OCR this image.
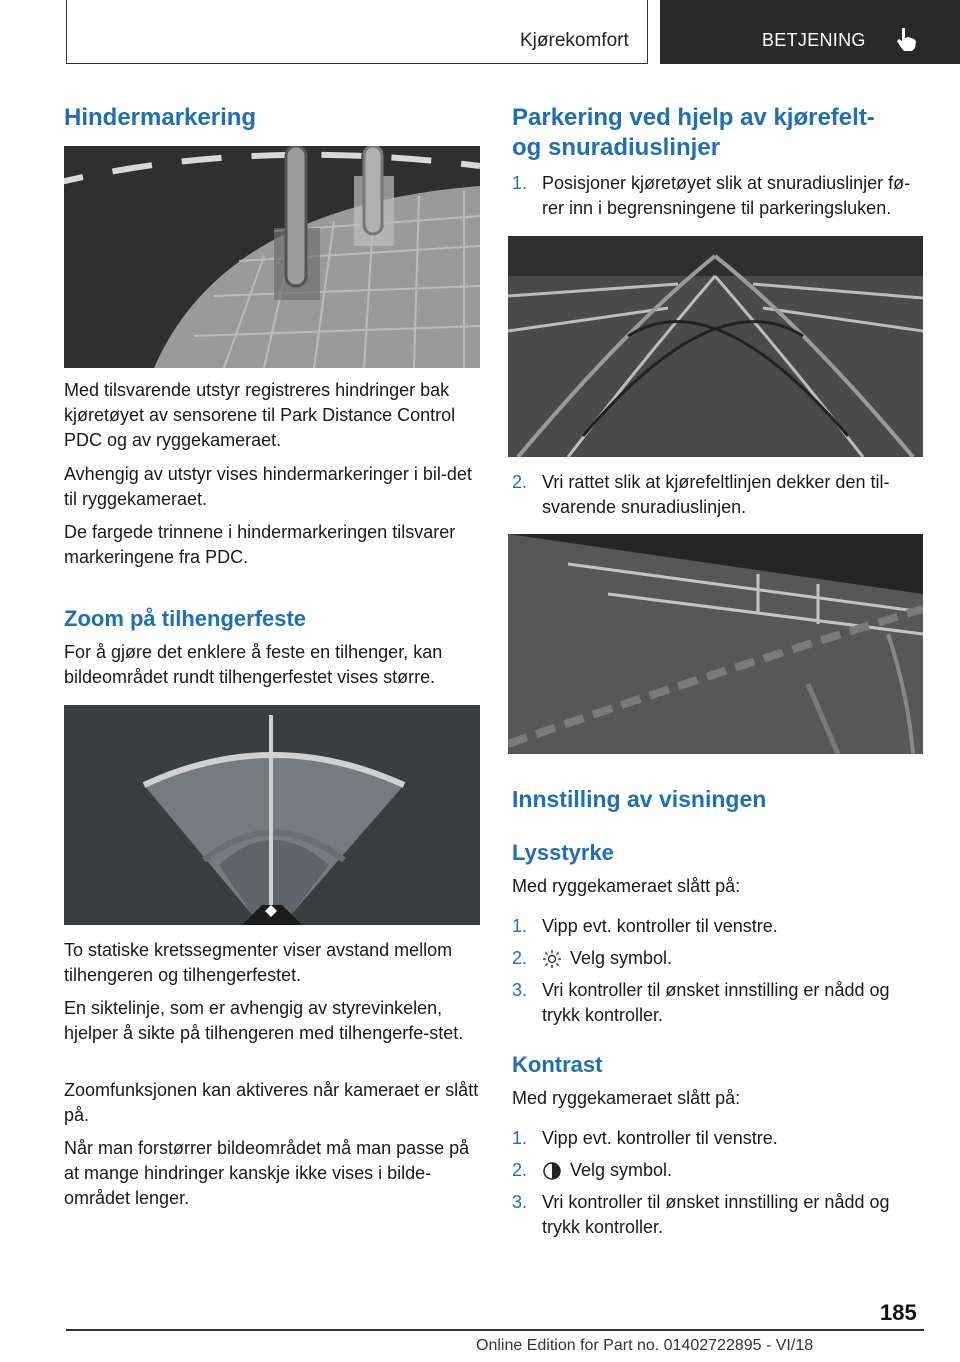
Kjørekomfort	BETJENING
Hindermarkering
Med tilsvarende utstyr registreres hindringer bak kjøretøyet av sensorene til Park Distance Control PDC og av ryggekameraet.
Avhengig av utstyr vises hindermarkeringer i bil-det til ryggekameraet.
De fargede trinnene i hindermarkeringen tilsvarer markeringene fra PDC.
Zoom på tilhengerfeste
For å gjøre det enklere å feste en tilhenger, kan bildeområdet rundt tilhengerfestet vises større.
To statiske kretssegmenter viser avstand mellom tilhengeren og tilhengerfestet.
En siktelinje, som er avhengig av styrevinkelen, hjelper å sikte på tilhengeren med tilhengerfe-stet.
Zoomfunksjonen kan aktiveres når kameraet er slått på.
Når man forstørrer bildeområdet må man passe på at mange hindringer kanskje ikke vises i bilde-området lenger.
Parkering ved hjelp av kjørefelt-
og snuradiuslinjer
1. Posisjoner kjøretøyet slik at snuradiuslinjer fø-
rer inn i begrensningene til parkeringsluken.
2. Vri rattet slik at kjørefeltlinjen dekker den til-
svarende snuradiuslinjen.
Innstilling av visningen
Lysstyrke
Med ryggekameraet slått på:
1. Vipp evt. kontroller til venstre.
2. Velg symbol.
3. Vri kontroller til ønsket innstilling er nådd og
trykk kontroller.
Kontrast
Med ryggekameraet slått på:
1. Vipp evt. kontroller til venstre.
2. Velg symbol.
3. Vri kontroller til ønsket innstilling er nådd og
trykk kontroller.
185
Online Edition for Part no. 01402722895 - VI/18
